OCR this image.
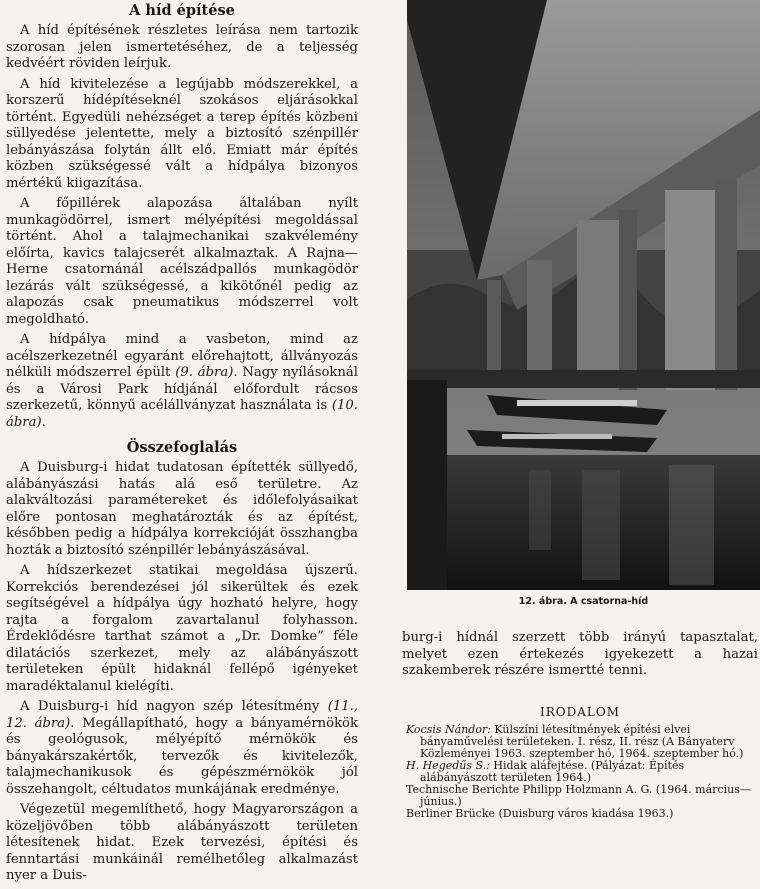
A híd építése

A híd építésének részletes leírása nem tartozik szorosan jelen ismertetéséhez, de a teljesség kedvéért röviden leírjuk.

A híd kivitelezése a legújabb módszerekkel, a korszerű hídépítéseknél szokásos eljárásokkal történt. Egyedüli nehézséget a terep építés közbeni süllyedése jelentette, mely a biztosító szénpillér lebányászása folytán állt elő. Emiatt már építés közben szükségessé vált a hídpálya bizonyos mértékű kiigazítása.

A főpillérek alapozása általában nyílt munkagödörrel, ismert mélyépítési megoldással történt. Ahol a talajmechanikai szakvélemény előírta, kavics talajcserét alkalmaztak. A Rajna—Herne csatornánál acélszádpallós munkagödör lezárás vált szükségessé, a kikötőnél pedig az alapozás csak pneumatikus módszerrel volt megoldható.

A hídpálya mind a vasbeton, mind az acélszerkezetnél egyaránt előrehajtott, állványozás nélküli módszerrel épült (9. ábra). Nagy nyílásoknál és a Városi Park hídjánál előfordult rácsos szerkezetű, könnyű acélállványzat használata is (10. ábra).

Összefoglalás

A Duisburg-i hidat tudatosan építették süllyedő, alábányászási hatás alá eső területre. Az alakváltozási paramétereket és időlefolyásaikat előre pontosan meghatározták és az építést, későbben pedig a hídpálya korrekcióját összhangba hozták a biztosító szénpillér lebányászásával.

A hídszerkezet statikai megoldása újszerű. Korrekciós berendezései jól sikerültek és ezek segítségével a hídpálya úgy hozható helyre, hogy rajta a forgalom zavartalanul folyhasson. Érdeklődésre tarthat számot a „Dr. Domke” féle dilatációs szerkezet, mely az alábányászott területeken épült hidaknál fellépő igényeket maradéktalanul kielégíti.

A Duisburg-i híd nagyon szép létesítmény (11., 12. ábra). Megállapítható, hogy a bányamérnökök és geológusok, mélyépítő mérnökök és bányakárszakértők, tervezők és kivitelezők, talajmechanikusok és gépészmérnökök jól összehangolt, céltudatos munkájának eredménye.

Végezetül megemlíthető, hogy Magyarországon a közeljövőben több alábányászott területen létesítenek hidat. Ezek tervezési, építési és fenntartási munkáinál remélhetőleg alkalmazást nyer a Duis-

12. ábra. A csatorna-híd

burg-i hídnál szerzett több irányú tapasztalat, melyet ezen értekezés igyekezett a hazai szakemberek részére ismertté tenni.

IRODALOM

Kocsis Nándor: Külszíni létesítmények építési elvei bányaművelési területeken. I. rész, II. rész (A Bányaterv Közleményei 1963. szeptember hó, 1964. szeptember hó.)

H. Hegedűs S.: Hidak aláfejtése. (Pályázat: Építés alábányászott területen 1964.)

Technische Berichte Philipp Holzmann A. G. (1964. március—június.)

Berliner Brücke (Duisburg város kiadása 1963.)
